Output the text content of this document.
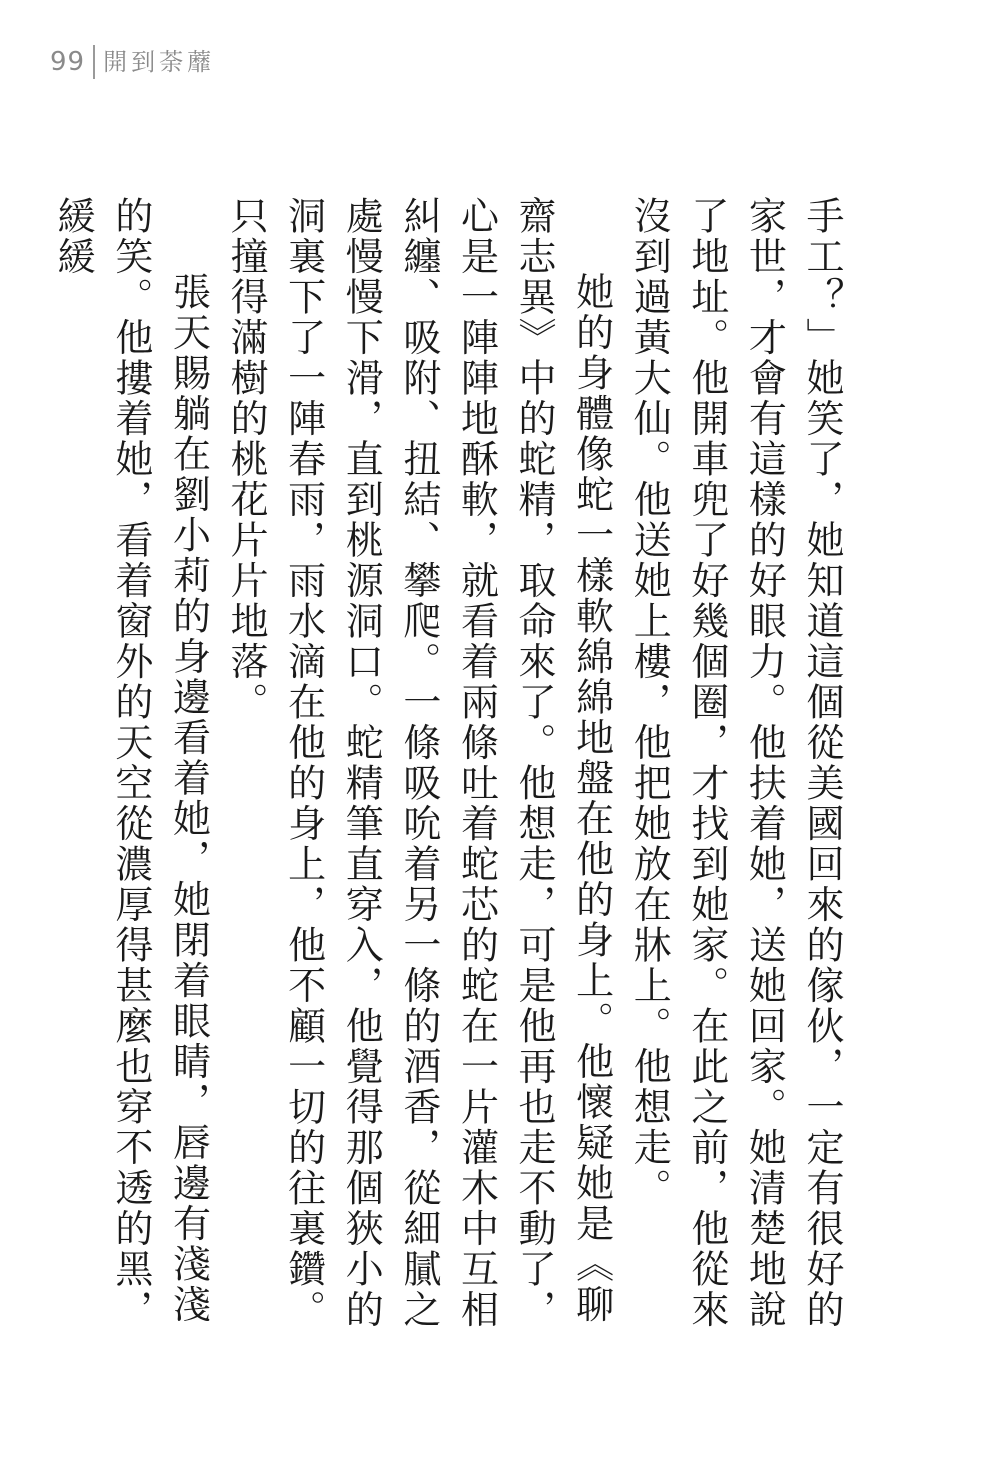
99 開到荼蘼

手工？」她笑了，她知道這個從美國回來的傢伙，一定有很好的家世，才會有這樣的好眼力。他扶着她，送她回家。她清楚地說了地址。他開車兜了好幾個圈，才找到她家。在此之前，他從來沒到過黃大仙。他送她上樓，他把她放在牀上。他想走。

她的身體像蛇一樣軟綿綿地盤在他的身上。他懷疑她是《聊齋志異》中的蛇精，取命來了。他想走，可是他再也走不動了，心是一陣陣地酥軟，就看着兩條吐着蛇芯的蛇在一片灌木中互相糾纏、吸附、扭結、攀爬。一條吸吮着另一條的酒香，從細膩之處慢慢下滑，直到桃源洞口。蛇精筆直穿入，他覺得那個狹小的洞裏下了一陣春雨，雨水滴在他的身上，他不顧一切的往裏鑽。只撞得滿樹的桃花片片地落。

張天賜躺在劉小莉的身邊看着她，她閉着眼睛，唇邊有淺淺的笑。他摟着她，看着窗外的天空從濃厚得甚麼也穿不透的黑，緩緩
